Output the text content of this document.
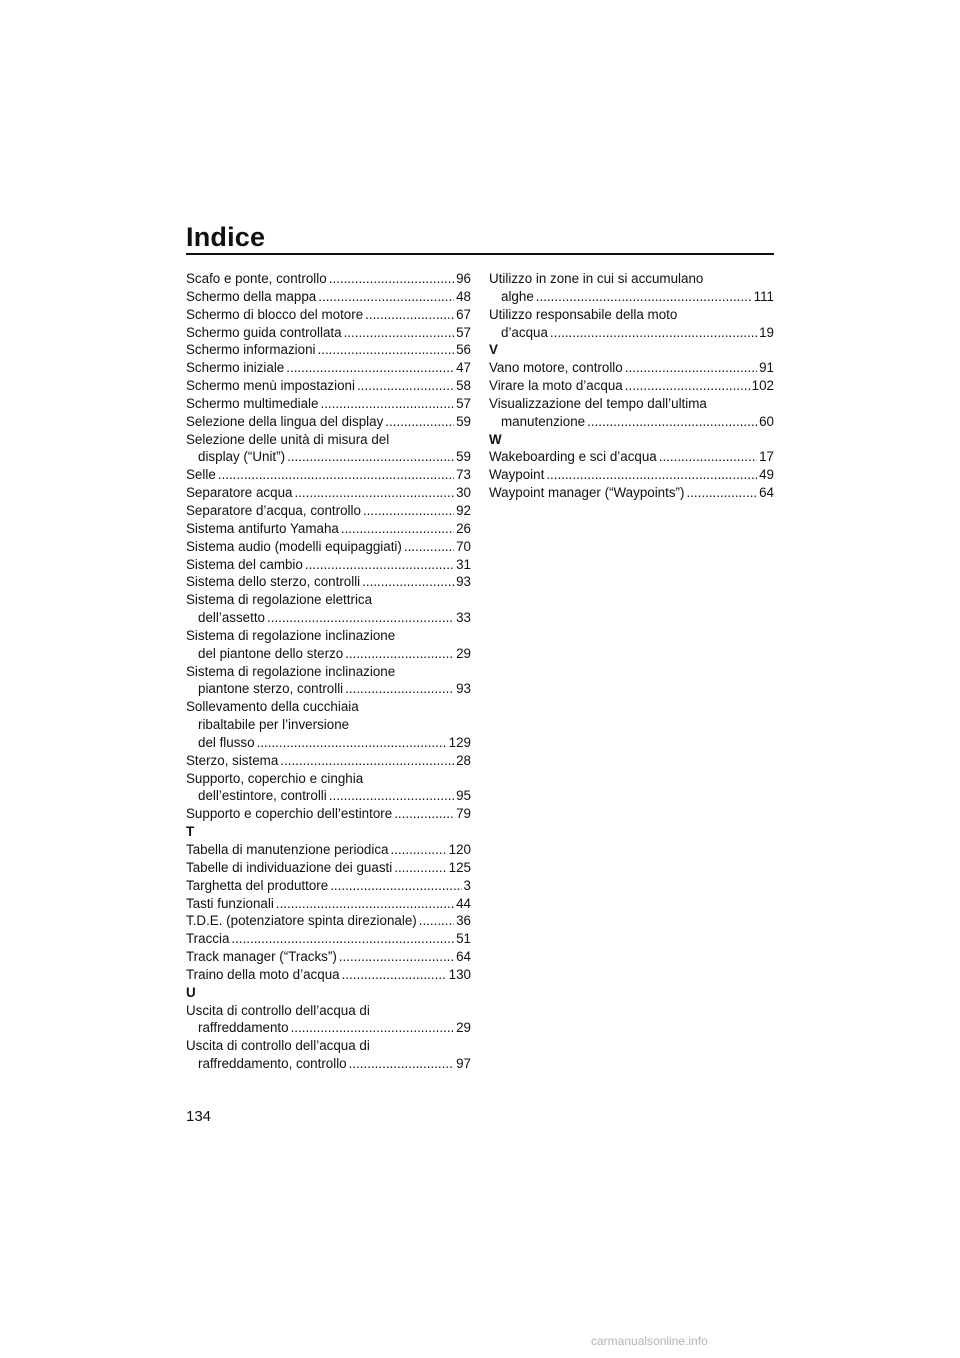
Indice
Scafo e ponte, controllo .....	96
Schermo della mappa .....	48
Schermo di blocco del motore .....	67
Schermo guida controllata .....	57
Schermo informazioni .....	56
Schermo iniziale .....	47
Schermo menù impostazioni .....	58
Schermo multimediale .....	57
Selezione della lingua del display .....	59
Selezione delle unità di misura del
display (“Unit”) .....	59
Selle .....	73
Separatore acqua .....	30
Separatore d’acqua, controllo .....	92
Sistema antifurto Yamaha .....	26
Sistema audio (modelli equipaggiati) .....	70
Sistema del cambio .....	31
Sistema dello sterzo, controlli .....	93
Sistema di regolazione elettrica
dell’assetto .....	33
Sistema di regolazione inclinazione
del piantone dello sterzo .....	29
Sistema di regolazione inclinazione
piantone sterzo, controlli .....	93
Sollevamento della cucchiaia
ribaltabile per l’inversione
del flusso .....	129
Sterzo, sistema .....	28
Supporto, coperchio e cinghia
dell’estintore, controlli .....	95
Supporto e coperchio dell’estintore .....	79

T

Tabella di manutenzione periodica .....	120
Tabelle di individuazione dei guasti .....	125
Targhetta del produttore .....	3
Tasti funzionali .....	44
T.D.E. (potenziatore spinta direzionale) .....	36
Traccia .....	51
Track manager (“Tracks”) .....	64
Traino della moto d’acqua .....	130

U

Uscita di controllo dell’acqua di
raffreddamento .....	29
Uscita di controllo dell’acqua di
raffreddamento, controllo .....	97
Utilizzo in zone in cui si accumulano
alghe .....	111
Utilizzo responsabile della moto
d’acqua .....	19

V

Vano motore, controllo .....	91
Virare la moto d’acqua .....	102
Visualizzazione del tempo dall’ultima
manutenzione .....	60

W

Wakeboarding e sci d’acqua .....	17
Waypoint .....	49
Waypoint manager (“Waypoints”) .....	64

134

carmanualsonline.info
